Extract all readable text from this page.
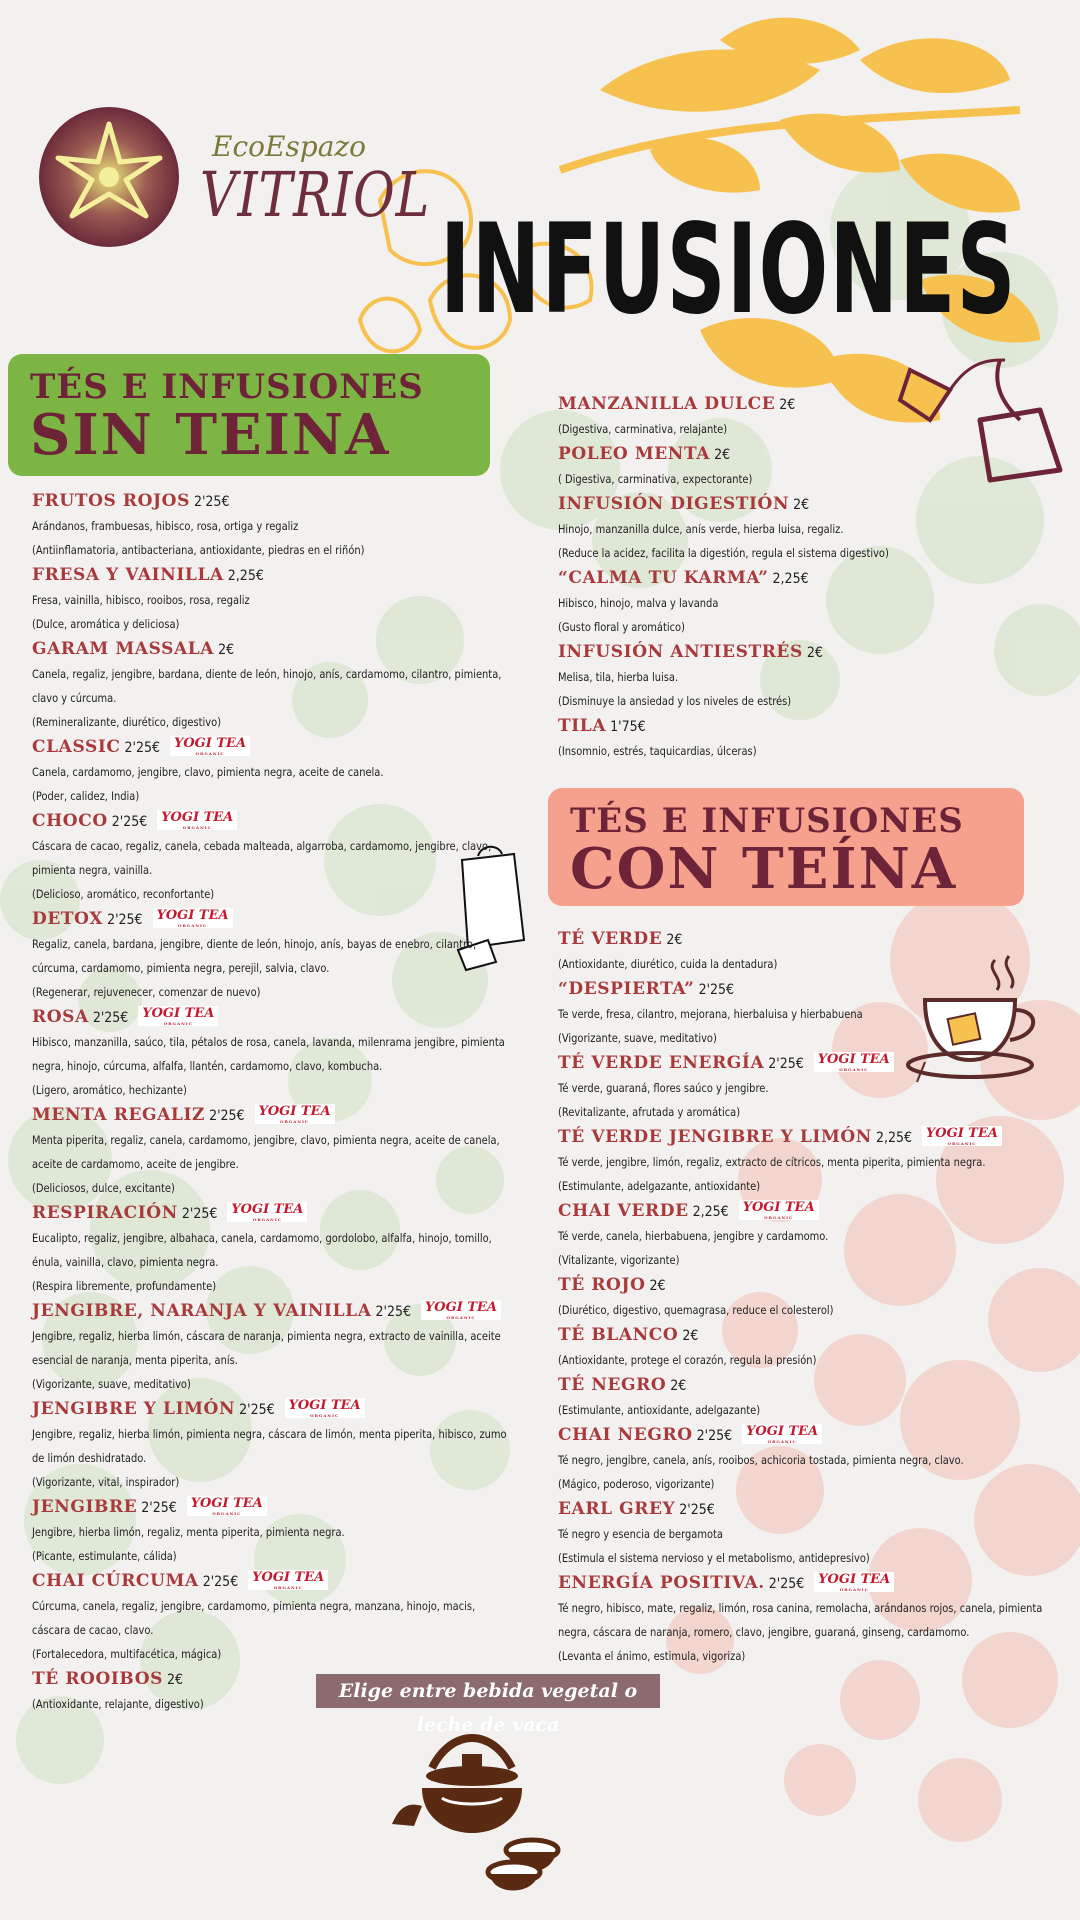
EcoEspazo
VITRIOL
INFUSIONES
TÉS E INFUSIONES
SIN TEINA
TÉS E INFUSIONES
CON TEÍNA
FRUTOS ROJOS 2'25€
Arándanos, frambuesas, hibisco, rosa, ortiga y regaliz
(Antiinflamatoria, antibacteriana, antioxidante, piedras en el riñón)
FRESA Y VAINILLA 2,25€
Fresa, vainilla, hibisco, rooibos, rosa, regaliz
(Dulce, aromática y deliciosa)
GARAM MASSALA 2€
Canela, regaliz, jengibre, bardana, diente de león, hinojo, anís, cardamomo, cilantro, pimienta, clavo y cúrcuma.
(Remineralizante, diurético, digestivo)
CLASSIC 2'25€ YOGI TEA
ORGANIC
Canela, cardamomo, jengibre, clavo, pimienta negra, aceite de canela.
(Poder, calidez, India)
CHOCO 2'25€ YOGI TEA
ORGANIC
Cáscara de cacao, regaliz, canela, cebada malteada, algarroba, cardamomo, jengibre, clavo, pimienta negra, vainilla.
(Delicioso, aromático, reconfortante)
DETOX 2'25€ YOGI TEA
ORGANIC
Regaliz, canela, bardana, jengibre, diente de león, hinojo, anís, bayas de enebro, cilantro, cúrcuma, cardamomo, pimienta negra, perejil, salvia, clavo.
(Regenerar, rejuvenecer, comenzar de nuevo)
ROSA 2'25€ YOGI TEA
ORGANIC
Hibisco, manzanilla, saúco, tila, pétalos de rosa, canela, lavanda, milenrama jengibre, pimienta negra, hinojo, cúrcuma, alfalfa, llantén, cardamomo, clavo, kombucha.
(Ligero, aromático, hechizante)
MENTA REGALIZ 2'25€ YOGI TEA
ORGANIC
Menta piperita, regaliz, canela, cardamomo, jengibre, clavo, pimienta negra, aceite de canela, aceite de cardamomo, aceite de jengibre.
(Deliciosos, dulce, excitante)
RESPIRACIÓN 2'25€ YOGI TEA
ORGANIC
Eucalipto, regaliz, jengibre, albahaca, canela, cardamomo, gordolobo, alfalfa, hinojo, tomillo, énula, vainilla, clavo, pimienta negra.
(Respira libremente, profundamente)
JENGIBRE, NARANJA Y VAINILLA 2'25€ YOGI TEA
ORGANIC
Jengibre, regaliz, hierba limón, cáscara de naranja, pimienta negra, extracto de vainilla, aceite esencial de naranja, menta piperita, anís.
(Vigorizante, suave, meditativo)
JENGIBRE Y LIMÓN 2'25€ YOGI TEA
ORGANIC
Jengibre, regaliz, hierba limón, pimienta negra, cáscara de limón, menta piperita, hibisco, zumo de limón deshidratado.
(Vigorizante, vital, inspirador)
JENGIBRE 2'25€ YOGI TEA
ORGANIC
Jengibre, hierba limón, regaliz, menta piperita, pimienta negra.
(Picante, estimulante, cálida)
CHAI CÚRCUMA 2'25€ YOGI TEA
ORGANIC
Cúrcuma, canela, regaliz, jengibre, cardamomo, pimienta negra, manzana, hinojo, macis, cáscara de cacao, clavo.
(Fortalecedora, multifacética, mágica)
TÉ ROOIBOS 2€
(Antioxidante, relajante, digestivo)
MANZANILLA DULCE 2€
(Digestiva, carminativa, relajante)
POLEO MENTA 2€
( Digestiva, carminativa, expectorante)
INFUSIÓN DIGESTIÓN 2€
Hinojo, manzanilla dulce, anís verde, hierba luisa, regaliz.
(Reduce la acidez, facilita la digestión, regula el sistema digestivo)
“CALMA TU KARMA” 2,25€
Hibisco, hinojo, malva y lavanda
(Gusto floral y aromático)
INFUSIÓN ANTIESTRÉS 2€
Melisa, tila, hierba luisa.
(Disminuye la ansiedad y los niveles de estrés)
TILA 1'75€
(Insomnio, estrés, taquicardias, úlceras)
TÉ VERDE 2€
(Antioxidante, diurético, cuida la dentadura)
“DESPIERTA” 2'25€
Te verde, fresa, cilantro, mejorana, hierbaluisa y hierbabuena
(Vigorizante, suave, meditativo)
TÉ VERDE ENERGÍA 2'25€ YOGI TEA
ORGANIC
Té verde, guaraná, flores saúco y jengibre.
(Revitalizante, afrutada y aromática)
TÉ VERDE JENGIBRE Y LIMÓN 2,25€ YOGI TEA
ORGANIC
Té verde, jengibre, limón, regaliz, extracto de cítricos, menta piperita, pimienta negra.
(Estimulante, adelgazante, antioxidante)
CHAI VERDE 2,25€ YOGI TEA
ORGANIC
Té verde, canela, hierbabuena, jengibre y cardamomo.
(Vitalizante, vigorizante)
TÉ ROJO 2€
(Diurético, digestivo, quemagrasa, reduce el colesterol)
TÉ BLANCO 2€
(Antioxidante, protege el corazón, regula la presión)
TÉ NEGRO 2€
(Estimulante, antioxidante, adelgazante)
CHAI NEGRO 2'25€ YOGI TEA
ORGANIC
Té negro, jengibre, canela, anís, rooibos, achicoria tostada, pimienta negra, clavo.
(Mágico, poderoso, vigorizante)
EARL GREY 2'25€
Té negro y esencia de bergamota
(Estimula el sistema nervioso y el metabolismo, antidepresivo)
ENERGÍA POSITIVA. 2'25€ YOGI TEA
ORGANIC
Té negro, hibisco, mate, regaliz, limón, rosa canina, remolacha, arándanos rojos, canela, pimienta negra, cáscara de naranja, romero, clavo, jengibre, guaraná, ginseng, cardamomo.
(Levanta el ánimo, estimula, vigoriza)
Elige entre bebida vegetal o leche de vaca
